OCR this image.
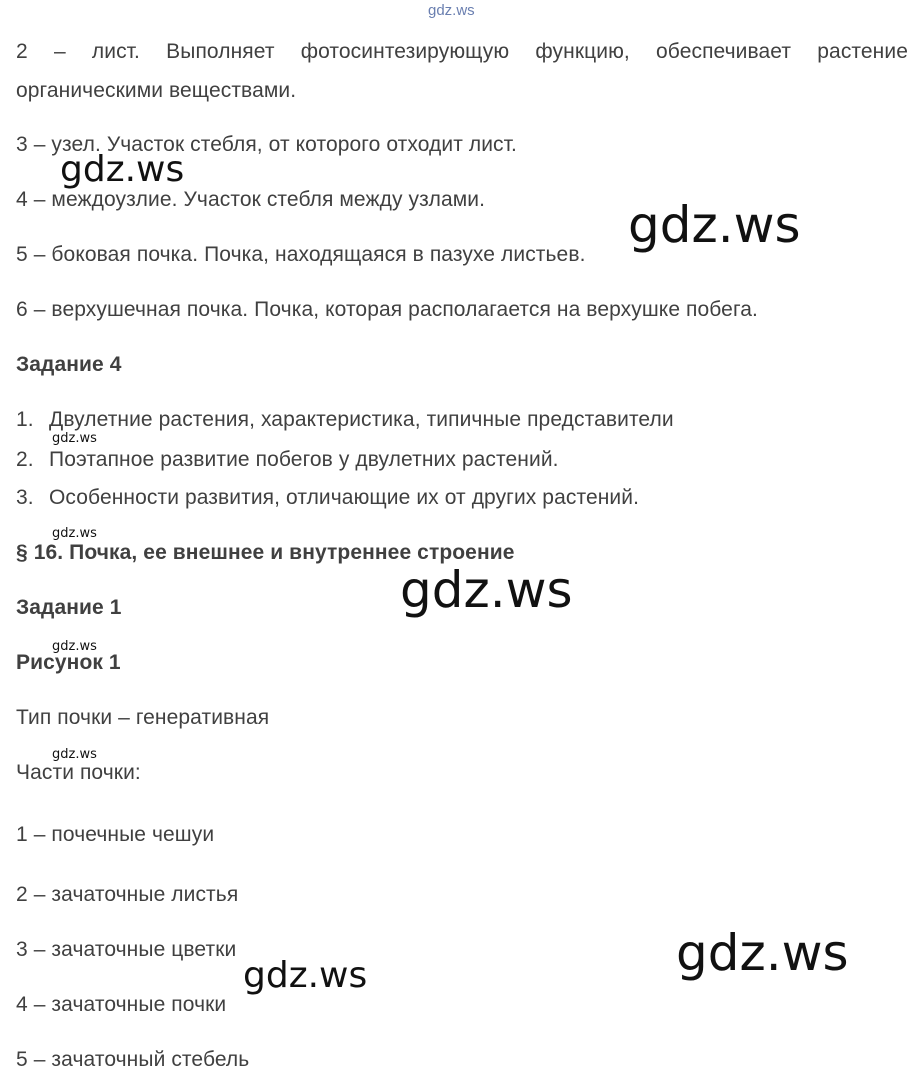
gdz.ws
2 – лист. Выполняет фотосинтезирующую функцию, обеспечивает растение
органическими веществами.
3 – узел. Участок стебля, от которого отходит лист.
4 – междоузлие. Участок стебля между узлами.
5 – боковая почка. Почка, находящаяся в пазухе листьев.
6 – верхушечная почка. Почка, которая располагается на верхушке побега.
Задание 4
1. Двулетние растения, характеристика, типичные представители
2. Поэтапное развитие побегов у двулетних растений.
3. Особенности развития, отличающие их от других растений.
§ 16. Почка, ее внешнее и внутреннее строение
Задание 1
Рисунок 1
Тип почки – генеративная
Части почки:
1 – почечные чешуи
2 – зачаточные листья
3 – зачаточные цветки
4 – зачаточные почки
5 – зачаточный стебель
gdz.ws
gdz.ws
gdz.ws
gdz.ws
gdz.ws
gdz.ws
gdz.ws
gdz.ws
gdz.ws
